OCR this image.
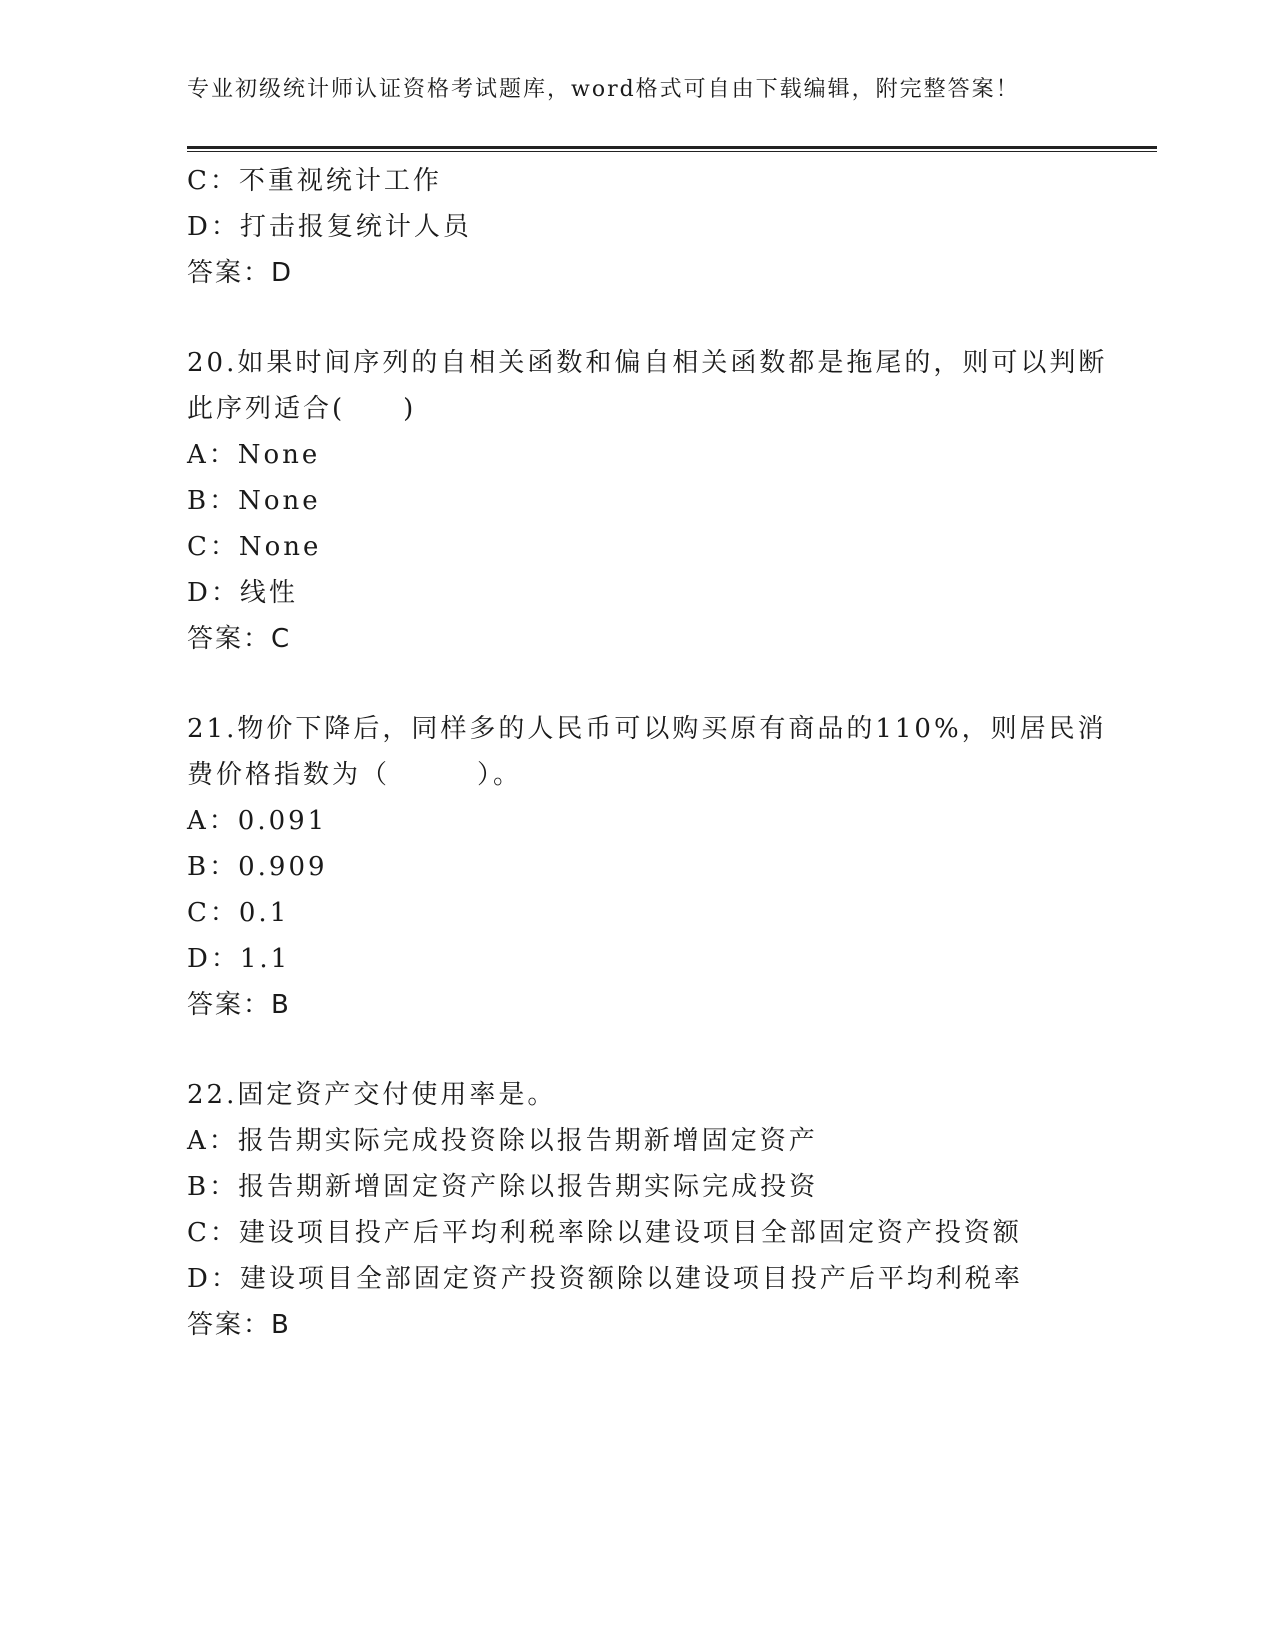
专业初级统计师认证资格考试题库，word格式可自由下载编辑，附完整答案！
C：不重视统计工作
D：打击报复统计人员
答案：D
20.如果时间序列的自相关函数和偏自相关函数都是拖尾的，则可以判断此序列适合(　　)
A：None
B：None
C：None
D：线性
答案：C
21.物价下降后，同样多的人民币可以购买原有商品的110%，则居民消费价格指数为（　　　）。
A：0.091
B：0.909
C：0.1
D：1.1
答案：B
22.固定资产交付使用率是。
A：报告期实际完成投资除以报告期新增固定资产
B：报告期新增固定资产除以报告期实际完成投资
C：建设项目投产后平均利税率除以建设项目全部固定资产投资额
D：建设项目全部固定资产投资额除以建设项目投产后平均利税率
答案：B
